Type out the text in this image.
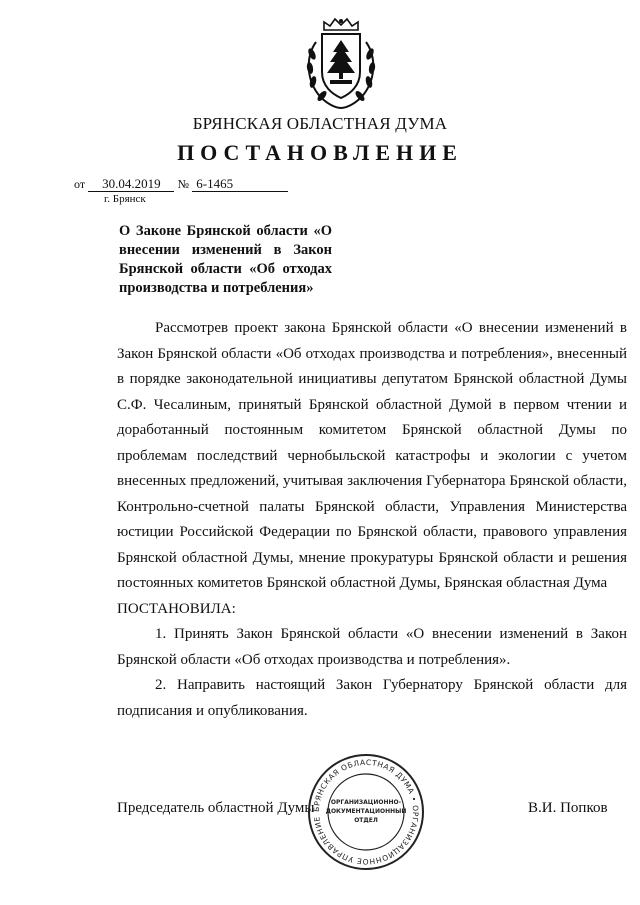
БРЯНСКАЯ ОБЛАСТНАЯ ДУМА
ПОСТАНОВЛЕНИЕ
от 30.04.2019 № 6-1465
г. Брянск
О Законе Брянской области «О внесении изменений в Закон Брянской области «Об отходах производства и потребления»

Рассмотрев проект закона Брянской области «О внесении изменений в Закон Брянской области «Об отходах производства и потребления», внесенный в порядке законодательной инициативы депутатом Брянской областной Думы С.Ф. Чесалиным, принятый Брянской областной Думой в первом чтении и доработанный постоянным комитетом Брянской областной Думы по проблемам последствий чернобыльской катастрофы и экологии с учетом внесенных предложений, учитывая заключения Губернатора Брянской области, Контрольно-счетной палаты Брянской области, Управления Министерства юстиции Российской Федерации по Брянской области, правового управления Брянской областной Думы, мнение прокуратуры Брянской области и решения постоянных комитетов Брянской областной Думы, Брянская областная Дума

ПОСТАНОВИЛА:

1. Принять Закон Брянской области «О внесении изменений в Закон Брянской области «Об отходах производства и потребления».

2. Направить настоящий Закон Губернатору Брянской области для подписания и опубликования.

Председатель областной Думы	В.И. Попков
БРЯНСКАЯ ОБЛАСТНАЯ ДУМА • ОРГАНИЗАЦИОННОЕ УПРАВЛЕНИЕ
ОРГАНИЗАЦИОННО-
ДОКУМЕНТАЦИОННЫЙ
ОТДЕЛ
